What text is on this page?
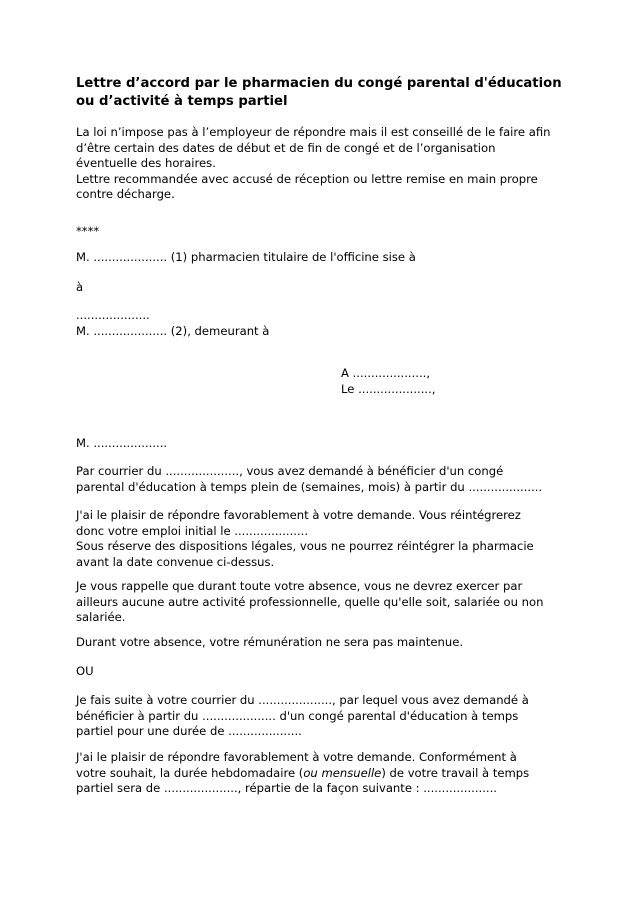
Lettre d’accord par le pharmacien du congé parental d'éducation
ou d’activité à temps partiel

La loi n’impose pas à l’employeur de répondre mais il est conseillé de le faire afin
d’être certain des dates de début et de fin de congé et de l’organisation
éventuelle des horaires.
Lettre recommandée avec accusé de réception ou lettre remise en main propre
contre décharge.

****

M. .................... (1) pharmacien titulaire de l'officine sise à

à

....................
M. .................... (2), demeurant à

A ....................,
Le ....................,

M. ....................

Par courrier du ...................., vous avez demandé à bénéficier d'un congé
parental d'éducation à temps plein de (semaines, mois) à partir du ....................

J'ai le plaisir de répondre favorablement à votre demande. Vous réintégrerez
donc votre emploi initial le ....................
Sous réserve des dispositions légales, vous ne pourrez réintégrer la pharmacie
avant la date convenue ci-dessus.

Je vous rappelle que durant toute votre absence, vous ne devrez exercer par
ailleurs aucune autre activité professionnelle, quelle qu'elle soit, salariée ou non
salariée.

Durant votre absence, votre rémunération ne sera pas maintenue.

OU

Je fais suite à votre courrier du ...................., par lequel vous avez demandé à
bénéficier à partir du .................... d'un congé parental d'éducation à temps
partiel pour une durée de ....................

J'ai le plaisir de répondre favorablement à votre demande. Conformément à
votre souhait, la durée hebdomadaire (ou mensuelle) de votre travail à temps
partiel sera de ...................., répartie de la façon suivante : ....................
